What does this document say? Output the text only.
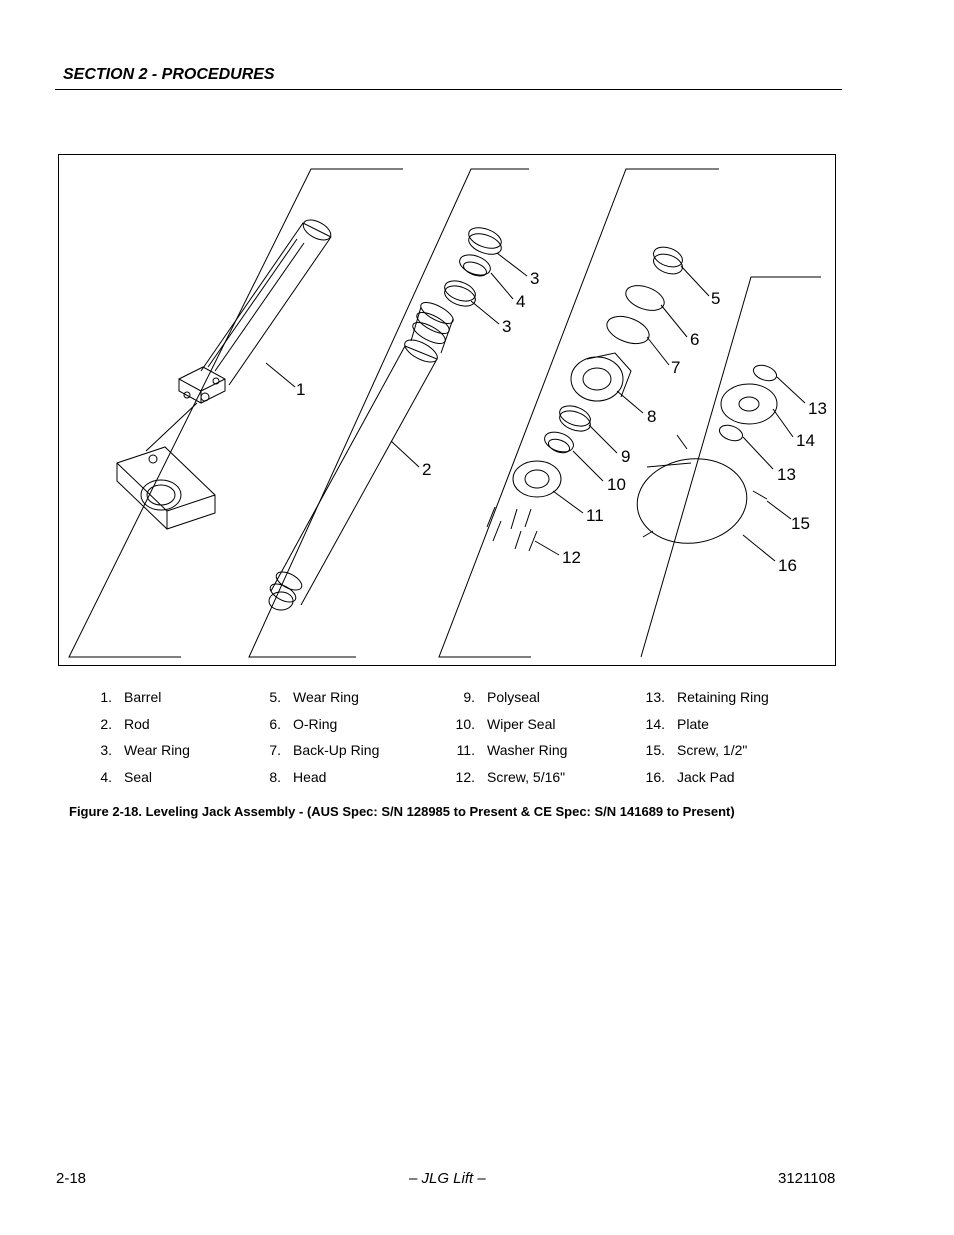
SECTION 2 - PROCEDURES
1
2
3
4
3
5
6
7
8
9
10
11
12
13
14
13
15
16
1. Barrel
2. Rod
3. Wear Ring
4. Seal
5. Wear Ring
6. O-Ring
7. Back-Up Ring
8. Head
9. Polyseal
10. Wiper Seal
11. Washer Ring
12. Screw, 5/16"
13. Retaining Ring
14. Plate
15. Screw, 1/2"
16. Jack Pad
Figure 2-18. Leveling Jack Assembly - (AUS Spec: S/N 128985 to Present & CE Spec: S/N 141689 to Present)
2-18	– JLG Lift –	3121108
